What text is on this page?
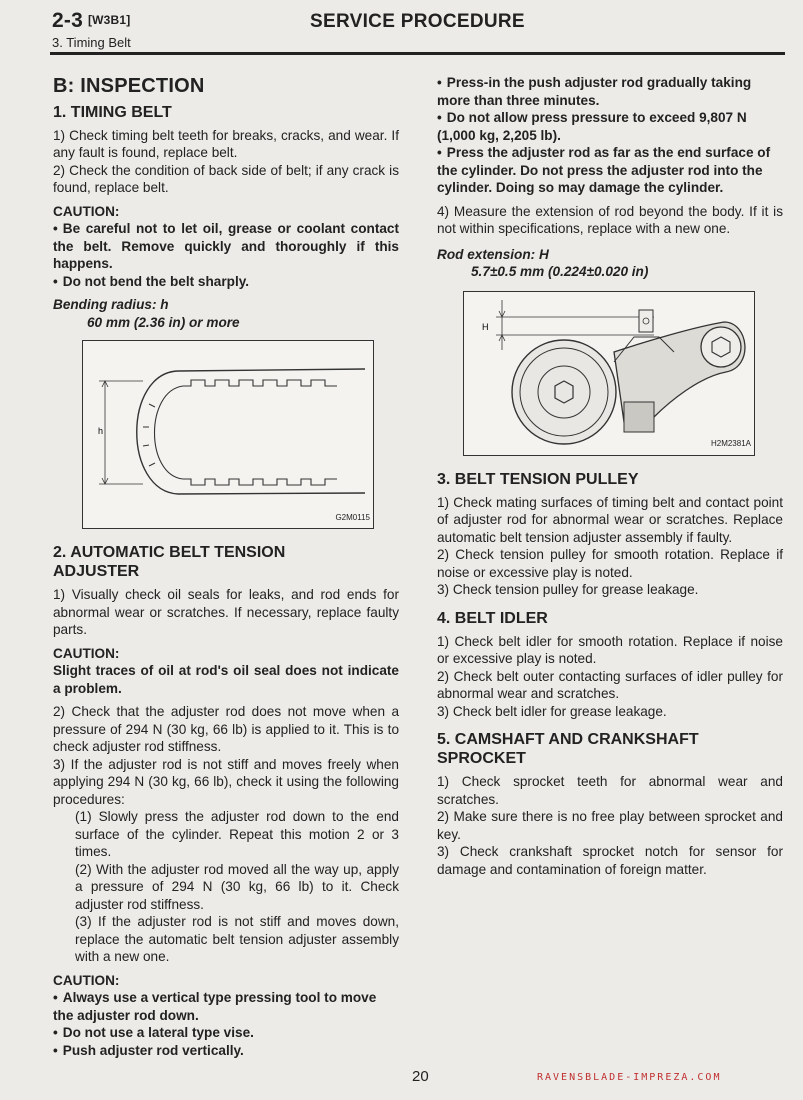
2-3 [W3B1]
3. Timing Belt
SERVICE PROCEDURE
B: INSPECTION
1. TIMING BELT

1) Check timing belt teeth for breaks, cracks, and wear. If any fault is found, replace belt.

2) Check the condition of back side of belt; if any crack is found, replace belt.

CAUTION:

• Be careful not to let oil, grease or coolant contact the belt. Remove quickly and thoroughly if this happens.

• Do not bend the belt sharply.

Bending radius: h

60 mm (2.36 in) or more

h
G2M0115
2. AUTOMATIC BELT TENSION
ADJUSTER

1) Visually check oil seals for leaks, and rod ends for abnormal wear or scratches. If necessary, replace faulty parts.

CAUTION:

Slight traces of oil at rod's oil seal does not indicate a problem.

2) Check that the adjuster rod does not move when a pressure of 294 N (30 kg, 66 lb) is applied to it. This is to check adjuster rod stiffness.

3) If the adjuster rod is not stiff and moves freely when applying 294 N (30 kg, 66 lb), check it using the following procedures:

(1) Slowly press the adjuster rod down to the end surface of the cylinder. Repeat this motion 2 or 3 times.

(2) With the adjuster rod moved all the way up, apply a pressure of 294 N (30 kg, 66 lb) to it. Check adjuster rod stiffness.

(3) If the adjuster rod is not stiff and moves down, replace the automatic belt tension adjuster assembly with a new one.

CAUTION:

• Always use a vertical type pressing tool to move the adjuster rod down.

• Do not use a lateral type vise.

• Push adjuster rod vertically.

• Press-in the push adjuster rod gradually taking more than three minutes.

• Do not allow press pressure to exceed 9,807 N (1,000 kg, 2,205 lb).

• Press the adjuster rod as far as the end surface of the cylinder. Do not press the adjuster rod into the cylinder. Doing so may damage the cylinder.

4) Measure the extension of rod beyond the body. If it is not within specifications, replace with a new one.

Rod extension: H

5.7±0.5 mm (0.224±0.020 in)

H
H2M2381A
3. BELT TENSION PULLEY

1) Check mating surfaces of timing belt and contact point of adjuster rod for abnormal wear or scratches. Replace automatic belt tension adjuster assembly if faulty.

2) Check tension pulley for smooth rotation. Replace if noise or excessive play is noted.

3) Check tension pulley for grease leakage.

4. BELT IDLER

1) Check belt idler for smooth rotation. Replace if noise or excessive play is noted.

2) Check belt outer contacting surfaces of idler pulley for abnormal wear and scratches.

3) Check belt idler for grease leakage.

5. CAMSHAFT AND CRANKSHAFT
SPROCKET

1) Check sprocket teeth for abnormal wear and scratches.

2) Make sure there is no free play between sprocket and key.

3) Check crankshaft sprocket notch for sensor for damage and contamination of foreign matter.

20	RAVENSBLADE-IMPREZA.COM
